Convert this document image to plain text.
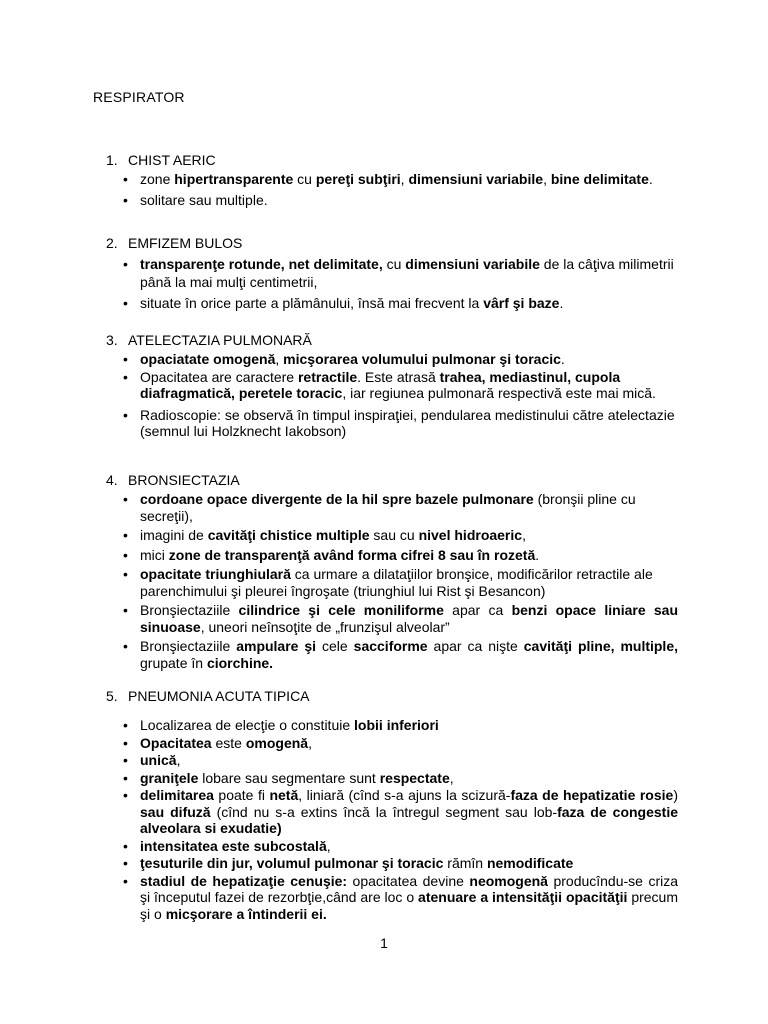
RESPIRATOR
1. CHIST AERIC
• zone hipertransparente cu pereţi subţiri, dimensiuni variabile, bine delimitate.
• solitare sau multiple.
2. EMFIZEM BULOS
• transparenţe rotunde, net delimitate, cu dimensiuni variabile de la câţiva milimetrii până la mai mulţi centimetrii,
• situate în orice parte a plămânului, însă mai frecvent la vârf şi baze.
3. ATELECTAZIA PULMONARĂ
• opaciatate omogenă, micşorarea volumului pulmonar şi toracic.
• Opacitatea are caractere retractile. Este atrasă trahea, mediastinul, cupola diafragmatică, peretele toracic, iar regiunea pulmonară respectivă este mai mică.
• Radioscopie: se observă în timpul inspiraţiei, pendularea medistinului către atelectazie (semnul lui Holzknecht Iakobson)
4. BRONSIECTAZIA
• cordoane opace divergente de la hil spre bazele pulmonare (bronşii pline cu secreţii),
• imagini de cavităţi chistice multiple sau cu nivel hidroaeric,
• mici zone de transparenţă având forma cifrei 8 sau în rozetă.
• opacitate triunghiulară ca urmare a dilataţiilor bronşice, modificărilor retractile ale parenchimului şi pleurei îngroşate (triunghiul lui Rist şi Besancon)
• Bronşiectaziile cilindrice şi cele moniliforme apar ca benzi opace liniare sau sinuoase, uneori neînsoţite de „frunzişul alveolar”
• Bronşiectaziile ampulare şi cele sacciforme apar ca nişte cavităţi pline, multiple, grupate în ciorchine.
5. PNEUMONIA ACUTA TIPICA
• Localizarea de elecţie o constituie lobii inferiori
• Opacitatea este omogenă,
• unică,
• graniţele lobare sau segmentare sunt respectate,
• delimitarea poate fi netă, liniară (cînd s-a ajuns la scizură-faza de hepatizatie rosie) sau difuză (cînd nu s-a extins încă la întregul segment sau lob-faza de congestie alveolara si exudatie)
• intensitatea este subcostală,
• ţesuturile din jur, volumul pulmonar şi toracic rămîn nemodificate
• stadiul de hepatizaţie cenuşie: opacitatea devine neomogenă producîndu-se criza şi începutul fazei de rezorbţie,când are loc o atenuare a intensităţii opacităţii precum şi o micşorare a întinderii ei.
1
